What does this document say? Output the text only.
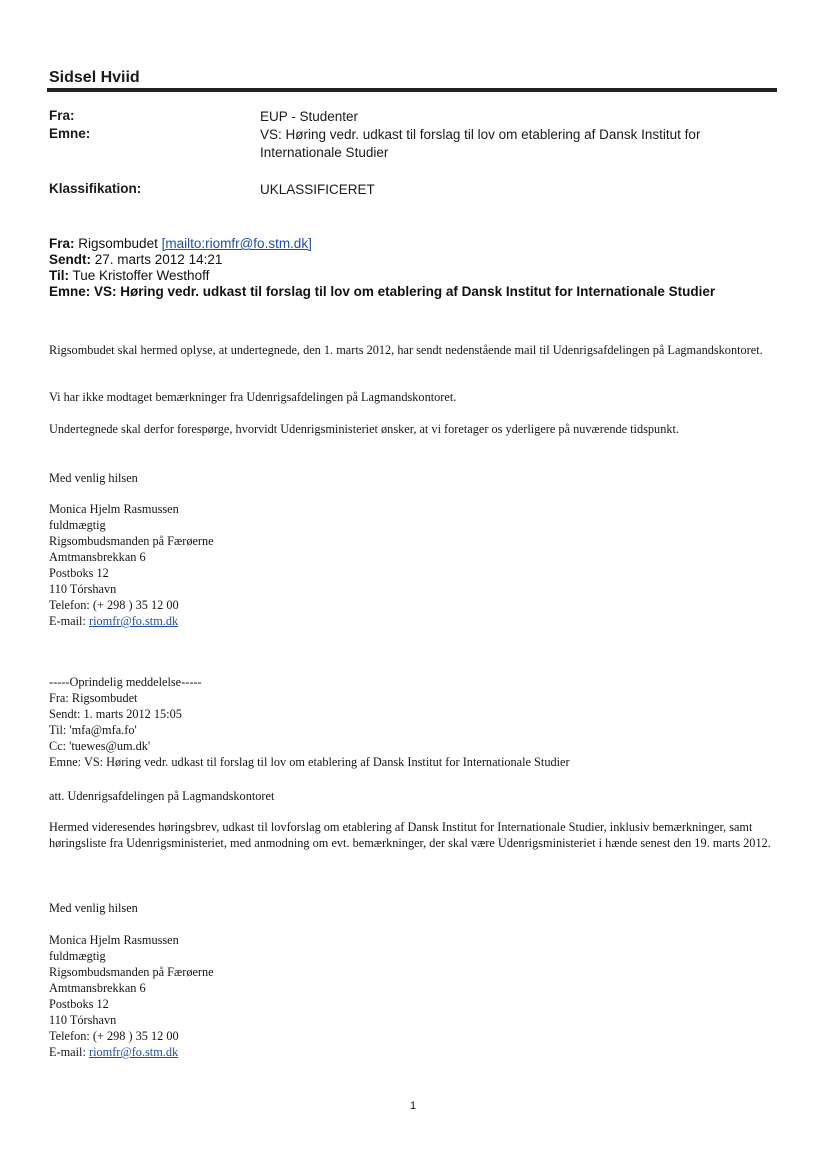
Sidsel Hviid
Fra:	EUP - Studenter
Emne:	VS: Høring vedr. udkast til forslag til lov om etablering af Dansk Institut for Internationale Studier
Klassifikation:	UKLASSIFICERET
Fra: Rigsombudet [mailto:riomfr@fo.stm.dk]
Sendt: 27. marts 2012 14:21
Til: Tue Kristoffer Westhoff
Emne: VS: Høring vedr. udkast til forslag til lov om etablering af Dansk Institut for Internationale Studier
Rigsombudet skal hermed oplyse, at undertegnede, den 1. marts 2012, har sendt nedenstående mail til Udenrigsafdelingen på Lagmandskontoret.
Vi har ikke modtaget bemærkninger fra Udenrigsafdelingen på Lagmandskontoret.
Undertegnede skal derfor forespørge, hvorvidt Udenrigsministeriet ønsker, at vi foretager os yderligere på nuværende tidspunkt.
Med venlig hilsen
Monica Hjelm Rasmussen
fuldmægtig
Rigsombudsmanden på Færøerne
Amtmansbrekkan 6
Postboks 12
110 Tórshavn
Telefon: (+ 298 ) 35 12 00
E-mail: riomfr@fo.stm.dk
-----Oprindelig meddelelse-----
Fra: Rigsombudet
Sendt: 1. marts 2012 15:05
Til: 'mfa@mfa.fo'
Cc: 'tuewes@um.dk'
Emne: VS: Høring vedr. udkast til forslag til lov om etablering af Dansk Institut for Internationale Studier
att. Udenrigsafdelingen på Lagmandskontoret
Hermed videresendes høringsbrev, udkast til lovforslag om etablering af Dansk Institut for Internationale Studier, inklusiv bemærkninger, samt høringsliste fra Udenrigsministeriet, med anmodning om evt. bemærkninger, der skal være Udenrigsministeriet i hænde senest den 19. marts 2012.
Med venlig hilsen
Monica Hjelm Rasmussen
fuldmægtig
Rigsombudsmanden på Færøerne
Amtmansbrekkan 6
Postboks 12
110 Tórshavn
Telefon: (+ 298 ) 35 12 00
E-mail: riomfr@fo.stm.dk
1
